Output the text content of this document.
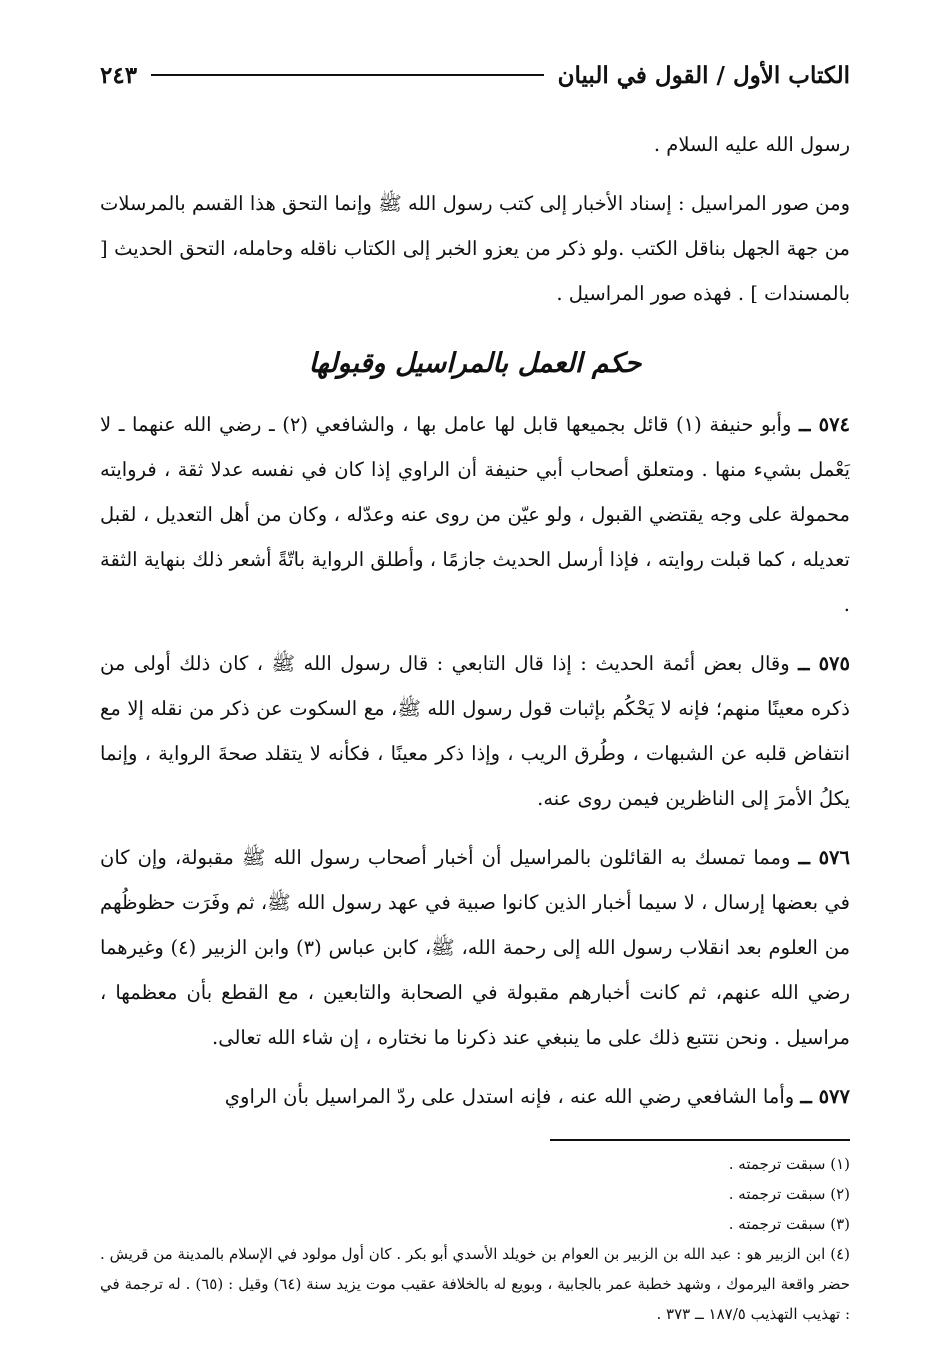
الكتاب الأول / القول في البيان
٢٤٣

رسول الله عليه السلام .

ومن صور المراسيل : إسناد الأخبار إلى كتب رسول الله ﷺ وإنما التحق هذا القسم بالمرسلات من جهة الجهل بناقل الكتب .ولو ذكر من يعزو الخبر إلى الكتاب ناقله وحامله، التحق الحديث [ بالمسندات ] . فهذه صور المراسيل .

حكم العمل بالمراسيل وقبولها

٥٧٤ ــ وأبو حنيفة (١) قائل بجميعها قابل لها عامل بها ، والشافعي (٢) ـ رضي الله عنهما ـ لا يَعْمل بشيء منها . ومتعلق أصحاب أبي حنيفة أن الراوي إذا كان في نفسه عدلا ثقة ، فروايته محمولة على وجه يقتضي القبول ، ولو عيّن من روى عنه وعدّله ، وكان من أهل التعديل ، لقبل تعديله ، كما قبلت روايته ، فإذا أرسل الحديث جازمًا ، وأطلق الرواية باتّةً أشعر ذلك بنهاية الثقة .

٥٧٥ ــ وقال بعض أئمة الحديث : إذا قال التابعي : قال رسول الله ﷺ ، كان ذلك أولى من ذكره معينًا منهم؛ فإنه لا يَحْكُم بإثبات قول رسول الله ﷺ، مع السكوت عن ذكر من نقله إلا مع انتفاض قلبه عن الشبهات ، وطُرق الريب ، وإذا ذكر معينًا ، فكأنه لا يتقلد صحةَ الرواية ، وإنما يكلُ الأمرَ إلى الناظرين فيمن روى عنه.

٥٧٦ ــ ومما تمسك به القائلون بالمراسيل أن أخبار أصحاب رسول الله ﷺ مقبولة، وإن كان في بعضها إرسال ، لا سيما أخبار الذين كانوا صبية في عهد رسول الله ﷺ، ثم وفَرَت حظوظُهم من العلوم بعد انقلاب رسول الله إلى رحمة الله، ﷺ، كابن عباس (٣) وابن الزبير (٤) وغيرهما رضي الله عنهم، ثم كانت أخبارهم مقبولة في الصحابة والتابعين ، مع القطع بأن معظمها ، مراسيل . ونحن نتتبع ذلك على ما ينبغي عند ذكرنا ما نختاره ، إن شاء الله تعالى.

٥٧٧ ــ وأما الشافعي رضي الله عنه ، فإنه استدل على ردّ المراسيل بأن الراوي

(١) سبقت ترجمته .

(٢) سبقت ترجمته .

(٣) سبقت ترجمته .

(٤) ابن الزبير هو : عبد الله بن الزبير بن العوام بن خويلد الأسدي أبو بكر . كان أول مولود في الإسلام بالمدينة من قريش . حضر واقعة اليرموك ، وشهد خطبة عمر بالجابية ، وبويع له بالخلافة عقيب موت يزيد سنة (٦٤) وقيل : (٦٥) . له ترجمة في : تهذيب التهذيب ١٨٧/٥ ــ ٣٧٣ .
